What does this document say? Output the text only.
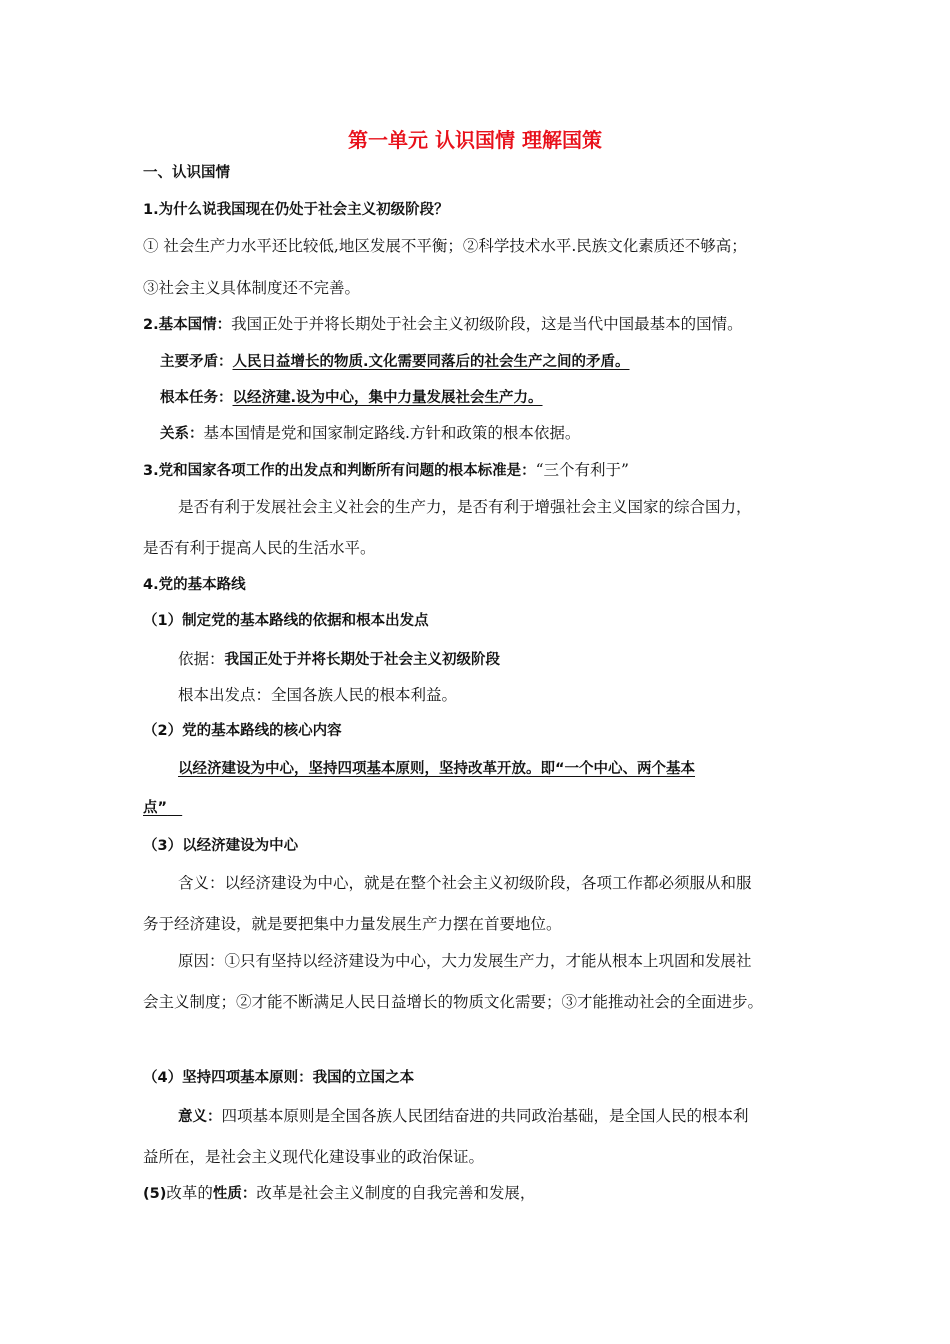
第一单元 认识国情 理解国策
一、认识国情
1.为什么说我国现在仍处于社会主义初级阶段？
① 社会生产力水平还比较低,地区发展不平衡；②科学技术水平.民族文化素质还不够高；
③社会主义具体制度还不完善。
2.基本国情：我国正处于并将长期处于社会主义初级阶段，这是当代中国最基本的国情。
主要矛盾：人民日益增长的物质.文化需要同落后的社会生产之间的矛盾。
根本任务：以经济建.设为中心，集中力量发展社会生产力。
关系：基本国情是党和国家制定路线.方针和政策的根本依据。
3.党和国家各项工作的出发点和判断所有问题的根本标准是：“三个有利于”
是否有利于发展社会主义社会的生产力，是否有利于增强社会主义国家的综合国力，
是否有利于提高人民的生活水平。
4.党的基本路线
（1）制定党的基本路线的依据和根本出发点
依据：我国正处于并将长期处于社会主义初级阶段
根本出发点：全国各族人民的根本利益。
（2）党的基本路线的核心内容
以经济建设为中心，坚持四项基本原则，坚持改革开放。即“一个中心、两个基本
点”
（3）以经济建设为中心
含义：以经济建设为中心，就是在整个社会主义初级阶段，各项工作都必须服从和服
务于经济建设，就是要把集中力量发展生产力摆在首要地位。
原因：①只有坚持以经济建设为中心，大力发展生产力，才能从根本上巩固和发展社
会主义制度；②才能不断满足人民日益增长的物质文化需要；③才能推动社会的全面进步。
（4）坚持四项基本原则：我国的立国之本
意义：四项基本原则是全国各族人民团结奋进的共同政治基础，是全国人民的根本利
益所在，是社会主义现代化建设事业的政治保证。
(5)改革的性质：改革是社会主义制度的自我完善和发展，
